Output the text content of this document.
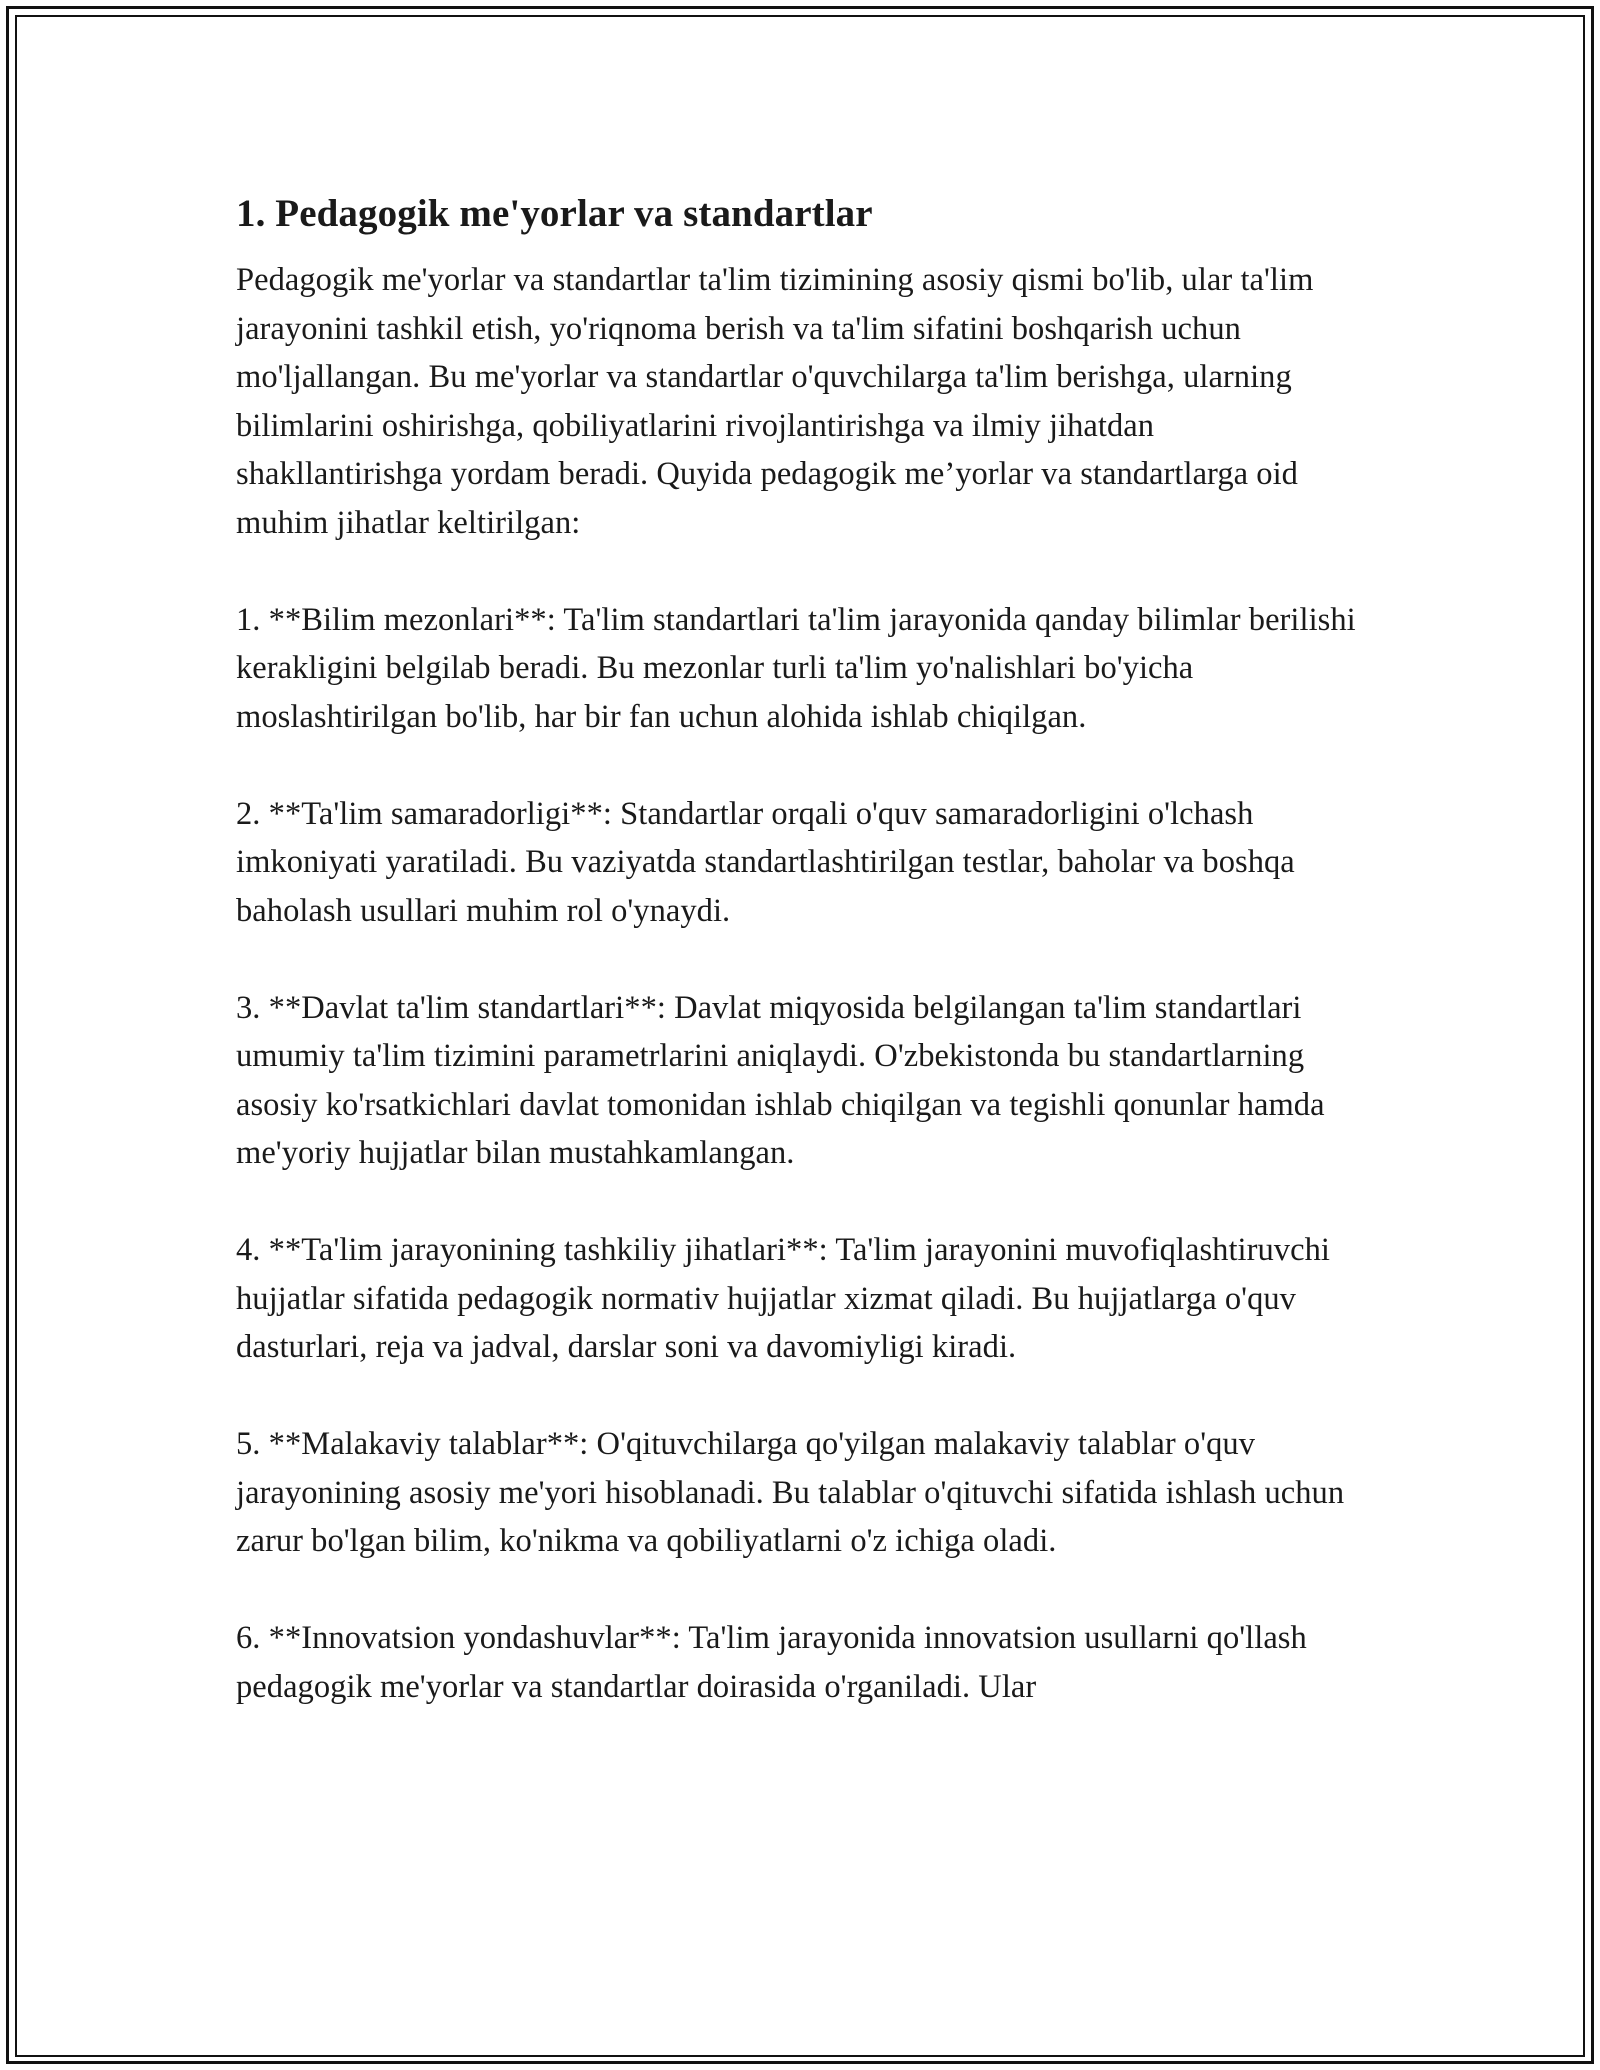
1. Pedagogik me'yorlar va standartlar

Pedagogik me'yorlar va standartlar ta'lim tizimining asosiy qismi bo'lib, ular ta'lim jarayonini tashkil etish, yo'riqnoma berish va ta'lim sifatini boshqarish uchun mo'ljallangan. Bu me'yorlar va standartlar o'quvchilarga ta'lim berishga, ularning bilimlarini oshirishga, qobiliyatlarini rivojlantirishga va ilmiy jihatdan shakllantirishga yordam beradi. Quyida pedagogik me’yorlar va standartlarga oid muhim jihatlar keltirilgan:

1. **Bilim mezonlari**: Ta'lim standartlari ta'lim jarayonida qanday bilimlar berilishi kerakligini belgilab beradi. Bu mezonlar turli ta'lim yo'nalishlari bo'yicha moslashtirilgan bo'lib, har bir fan uchun alohida ishlab chiqilgan.

2. **Ta'lim samaradorligi**: Standartlar orqali o'quv samaradorligini o'lchash imkoniyati yaratiladi. Bu vaziyatda standartlashtirilgan testlar, baholar va boshqa baholash usullari muhim rol o'ynaydi.

3. **Davlat ta'lim standartlari**: Davlat miqyosida belgilangan ta'lim standartlari umumiy ta'lim tizimini parametrlarini aniqlaydi. O'zbekistonda bu standartlarning asosiy ko'rsatkichlari davlat tomonidan ishlab chiqilgan va tegishli qonunlar hamda me'yoriy hujjatlar bilan mustahkamlangan.

4. **Ta'lim jarayonining tashkiliy jihatlari**: Ta'lim jarayonini muvofiqlashtiruvchi hujjatlar sifatida pedagogik normativ hujjatlar xizmat qiladi. Bu hujjatlarga o'quv dasturlari, reja va jadval, darslar soni va davomiyligi kiradi.

5. **Malakaviy talablar**: O'qituvchilarga qo'yilgan malakaviy talablar o'quv jarayonining asosiy me'yori hisoblanadi. Bu talablar o'qituvchi sifatida ishlash uchun zarur bo'lgan bilim, ko'nikma va qobiliyatlarni o'z ichiga oladi.

6. **Innovatsion yondashuvlar**: Ta'lim jarayonida innovatsion usullarni qo'llash pedagogik me'yorlar va standartlar doirasida o'rganiladi. Ular
